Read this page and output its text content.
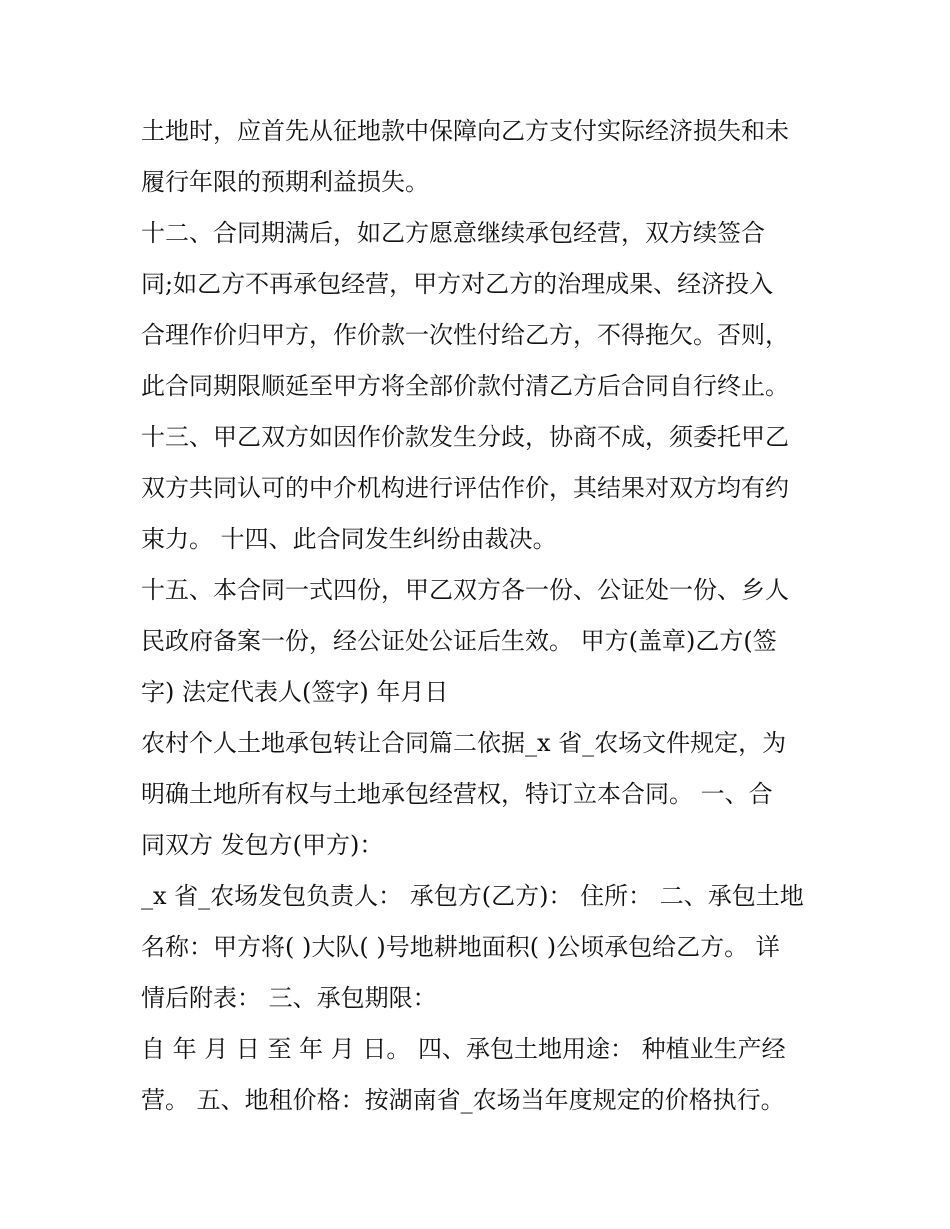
土地时，应首先从征地款中保障向乙方支付实际经济损失和未
履行年限的预期利益损失。
十二、合同期满后，如乙方愿意继续承包经营，双方续签合
同;如乙方不再承包经营，甲方对乙方的治理成果、经济投入
合理作价归甲方，作价款一次性付给乙方，不得拖欠。否则，
此合同期限顺延至甲方将全部价款付清乙方后合同自行终止。
十三、甲乙双方如因作价款发生分歧，协商不成，须委托甲乙
双方共同认可的中介机构进行评估作价，其结果对双方均有约
束力。 十四、此合同发生纠纷由裁决。
十五、本合同一式四份，甲乙双方各一份、公证处一份、乡人
民政府备案一份，经公证处公证后生效。 甲方(盖章)乙方(签
字) 法定代表人(签字) 年月日
农村个人土地承包转让合同篇二依据_x 省_农场文件规定，为
明确土地所有权与土地承包经营权，特订立本合同。 一、合
同双方 发包方(甲方)：
_x 省_农场发包负责人： 承包方(乙方)： 住所： 二、承包土地
名称：甲方将( )大队( )号地耕地面积( )公顷承包给乙方。 详
情后附表： 三、承包期限：
自 年 月 日 至 年 月 日。 四、承包土地用途： 种植业生产经
营。 五、地租价格：按湖南省_农场当年度规定的价格执行。
